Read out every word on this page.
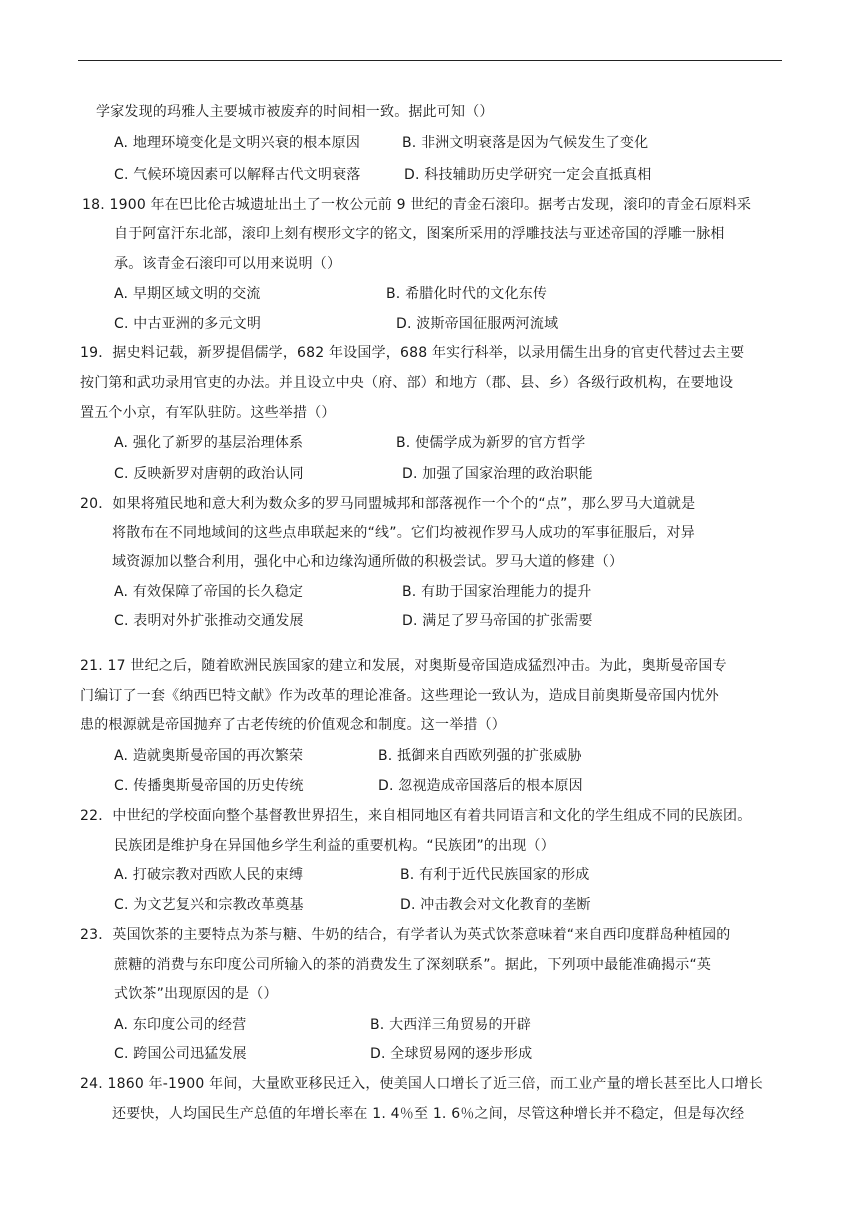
学家发现的玛雅人主要城市被废弃的时间相一致。据此可知（）
A. 地理环境变化是文明兴衰的根本原因	B. 非洲文明衰落是因为气候发生了变化
C. 气候环境因素可以解释古代文明衰落	D. 科技辅助历史学研究一定会直抵真相
18. 1900 年在巴比伦古城遗址出土了一枚公元前 9 世纪的青金石滚印。据考古发现，滚印的青金石原料采
自于阿富汗东北部，滚印上刻有楔形文字的铭文，图案所采用的浮雕技法与亚述帝国的浮雕一脉相
承。该青金石滚印可以用来说明（）
A. 早期区域文明的交流	B. 希腊化时代的文化东传
C. 中古亚洲的多元文明	D. 波斯帝国征服两河流域
19．据史料记载，新罗提倡儒学，682 年设国学，688 年实行科举，以录用儒生出身的官吏代替过去主要
按门第和武功录用官吏的办法。并且设立中央（府、部）和地方（郡、县、乡）各级行政机构，在要地设
置五个小京，有军队驻防。这些举措（）
A. 强化了新罗的基层治理体系	B. 使儒学成为新罗的官方哲学
C. 反映新罗对唐朝的政治认同	D. 加强了国家治理的政治职能
20．如果将殖民地和意大利为数众多的罗马同盟城邦和部落视作一个个的“点”，那么罗马大道就是
将散布在不同地域间的这些点串联起来的“线”。它们均被视作罗马人成功的军事征服后，对异
域资源加以整合利用，强化中心和边缘沟通所做的积极尝试。罗马大道的修建（）
A. 有效保障了帝国的长久稳定	B. 有助于国家治理能力的提升
C. 表明对外扩张推动交通发展	D. 满足了罗马帝国的扩张需要
21. 17 世纪之后，随着欧洲民族国家的建立和发展，对奥斯曼帝国造成猛烈冲击。为此，奥斯曼帝国专
门编订了一套《纳西巴特文献》作为改革的理论准备。这些理论一致认为，造成目前奥斯曼帝国内忧外
患的根源就是帝国抛弃了古老传统的价值观念和制度。这一举措（）
A. 造就奥斯曼帝国的再次繁荣	B. 抵御来自西欧列强的扩张威胁
C. 传播奥斯曼帝国的历史传统	D. 忽视造成帝国落后的根本原因
22．中世纪的学校面向整个基督教世界招生，来自相同地区有着共同语言和文化的学生组成不同的民族团。
民族团是维护身在异国他乡学生利益的重要机构。“民族团”的出现（）
A. 打破宗教对西欧人民的束缚	B. 有利于近代民族国家的形成
C. 为文艺复兴和宗教改革奠基	D. 冲击教会对文化教育的垄断
23．英国饮茶的主要特点为茶与糖、牛奶的结合，有学者认为英式饮茶意味着“来自西印度群岛种植园的
蔗糖的消费与东印度公司所输入的茶的消费发生了深刻联系”。据此，下列项中最能准确揭示“英
式饮茶”出现原因的是（）
A. 东印度公司的经营	B. 大西洋三角贸易的开辟
C. 跨国公司迅猛发展	D. 全球贸易网的逐步形成
24. 1860 年-1900 年间，大量欧亚移民迁入，使美国人口增长了近三倍，而工业产量的增长甚至比人口增长
还要快，人均国民生产总值的年增长率在 1. 4％至 1. 6％之间，尽管这种增长并不稳定，但是每次经
